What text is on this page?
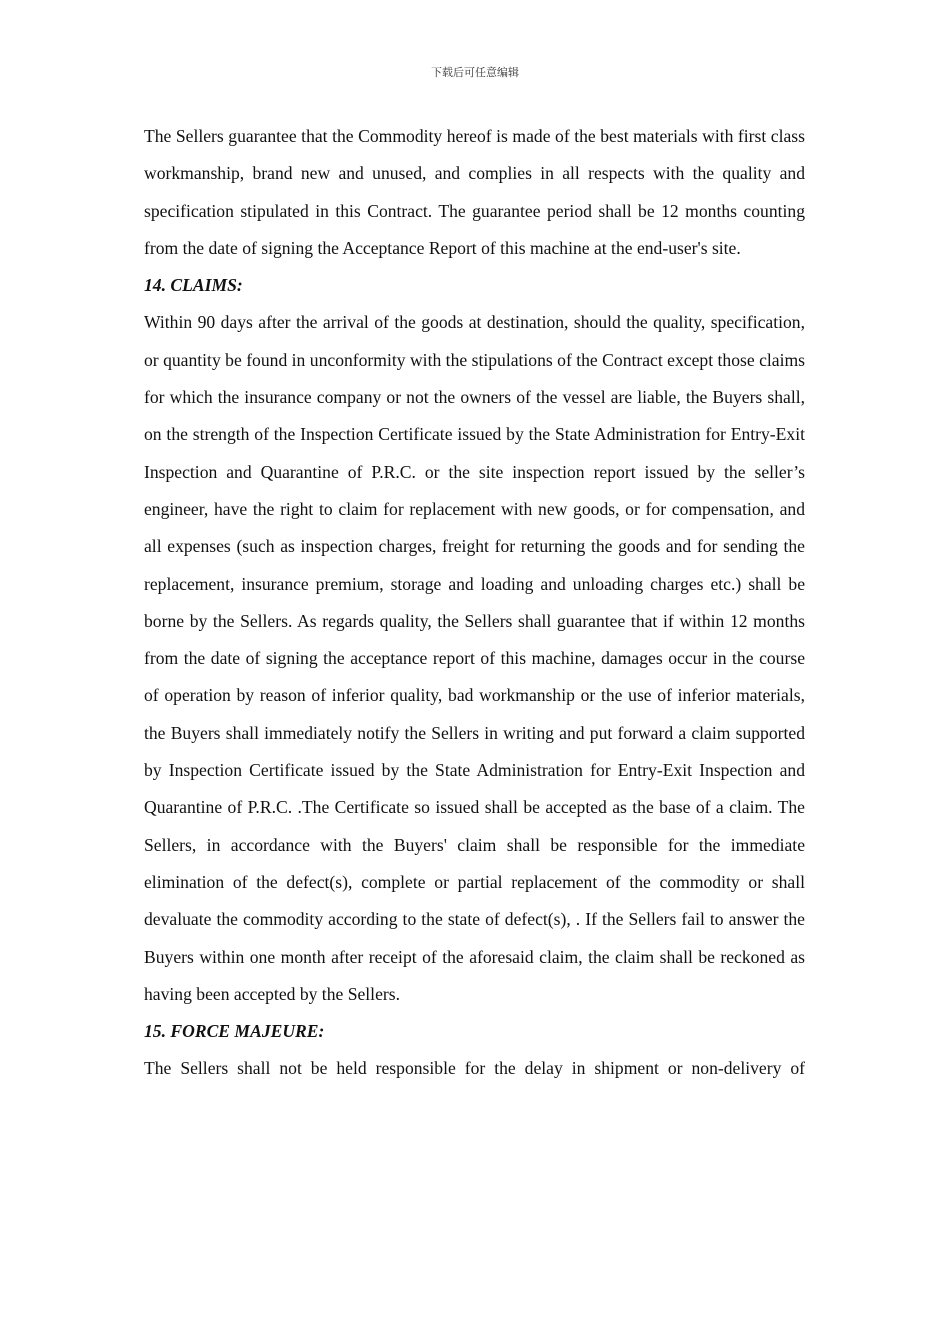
下载后可任意编辑

The Sellers guarantee that the Commodity hereof is made of the best materials with first class workmanship, brand new and unused, and complies in all respects with the quality and specification stipulated in this Contract. The guarantee period shall be 12 months counting from the date of signing the Acceptance Report of this machine at the end-user's site.

14. CLAIMS:

Within 90 days after the arrival of the goods at destination, should the quality, specification, or quantity be found in unconformity with the stipulations of the Contract except those claims for which the insurance company or not the owners of the vessel are liable, the Buyers shall, on the strength of the Inspection Certificate issued by the State Administration for Entry-Exit Inspection and Quarantine of P.R.C. or the site inspection report issued by the seller’s engineer, have the right to claim for replacement with new goods, or for compensation, and all expenses (such as inspection charges, freight for returning the goods and for sending the replacement, insurance premium, storage and loading and unloading charges etc.) shall be borne by the Sellers. As regards quality, the Sellers shall guarantee that if within 12 months from the date of signing the acceptance report of this machine, damages occur in the course of operation by reason of inferior quality, bad workmanship or the use of inferior materials, the Buyers shall immediately notify the Sellers in writing and put forward a claim supported by Inspection Certificate issued by the State Administration for Entry-Exit Inspection and Quarantine of P.R.C. .The Certificate so issued shall be accepted as the base of a claim. The Sellers, in accordance with the Buyers' claim shall be responsible for the immediate elimination of the defect(s), complete or partial replacement of the commodity or shall devaluate the commodity according to the state of defect(s), . If the Sellers fail to answer the Buyers within one month after receipt of the aforesaid claim, the claim shall be reckoned as having been accepted by the Sellers.

15. FORCE MAJEURE:

The Sellers shall not be held responsible for the delay in shipment or non-delivery of
